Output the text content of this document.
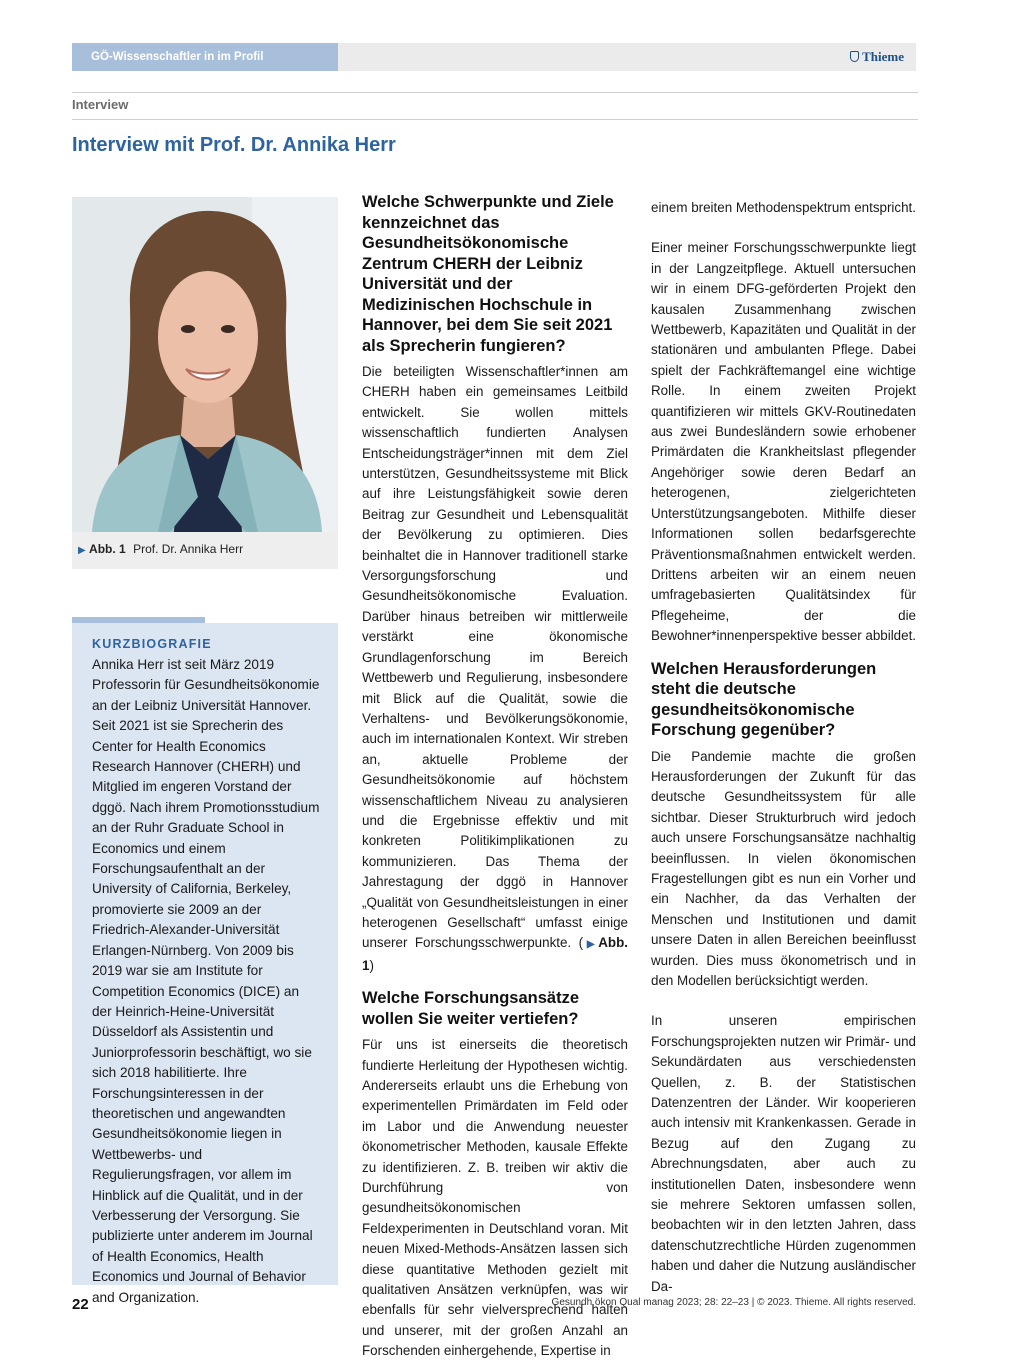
GÖ-Wissenschaftler in im Profil	Thieme
Interview
Interview mit Prof. Dr. Annika Herr
▶ Abb. 1 Prof. Dr. Annika Herr
KURZBIOGRAFIE
Annika Herr ist seit März 2019 Professorin für Gesundheitsökonomie an der Leibniz Universität Hannover. Seit 2021 ist sie Sprecherin des Center for Health Economics Research Hannover (CHERH) und Mitglied im engeren Vorstand der dggö. Nach ihrem Promotionsstudium an der Ruhr Graduate School in Economics und einem Forschungsaufenthalt an der University of California, Berkeley, promovierte sie 2009 an der Friedrich-Alexander-Universität Erlangen-Nürnberg. Von 2009 bis 2019 war sie am Institute for Competition Economics (DICE) an der Heinrich-Heine-Universität Düsseldorf als Assistentin und Juniorprofessorin beschäftigt, wo sie sich 2018 habilitierte. Ihre Forschungsinteressen in der theoretischen und angewandten Gesundheitsökonomie liegen in Wettbewerbs- und Regulierungsfragen, vor allem im Hinblick auf die Qualität, und in der Verbesserung der Versorgung. Sie publizierte unter anderem im Journal of Health Economics, Health Economics und Journal of Behavior and Organization.
Welche Schwerpunkte und Ziele kennzeichnet das Gesundheitsökonomische Zentrum CHERH der Leibniz Universität und der Medizinischen Hochschule in Hannover, bei dem Sie seit 2021 als Sprecherin fungieren?
Die beteiligten Wissenschaftler*innen am CHERH haben ein gemeinsames Leitbild entwickelt. Sie wollen mittels wissenschaftlich fundierten Analysen Entscheidungsträger*innen mit dem Ziel unterstützen, Gesundheitssysteme mit Blick auf ihre Leistungsfähigkeit sowie deren Beitrag zur Gesundheit und Lebensqualität der Bevölkerung zu optimieren. Dies beinhaltet die in Hannover traditionell starke Versorgungsforschung und Gesundheitsökonomische Evaluation. Darüber hinaus betreiben wir mittlerweile verstärkt eine ökonomische Grundlagenforschung im Bereich Wettbewerb und Regulierung, insbesondere mit Blick auf die Qualität, sowie die Verhaltens- und Bevölkerungsökonomie, auch im internationalen Kontext. Wir streben an, aktuelle Probleme der Gesundheitsökonomie auf höchstem wissenschaftlichem Niveau zu analysieren und die Ergebnisse effektiv und mit konkreten Politikimplikationen zu kommunizieren. Das Thema der Jahrestagung der dggö in Hannover „Qualität von Gesundheitsleistungen in einer heterogenen Gesellschaft“ umfasst einige unserer Forschungsschwerpunkte. (▶Abb. 1)
Welche Forschungsansätze wollen Sie weiter vertiefen?
Für uns ist einerseits die theoretisch fundierte Herleitung der Hypothesen wichtig. Andererseits erlaubt uns die Erhebung von experimentellen Primärdaten im Feld oder im Labor und die Anwendung neuester ökonometrischer Methoden, kausale Effekte zu identifizieren. Z. B. treiben wir aktiv die Durchführung von gesundheitsökonomischen Feldexperimenten in Deutschland voran. Mit neuen Mixed-Methods-Ansätzen lassen sich diese quantitative Methoden gezielt mit qualitativen Ansätzen verknüpfen, was wir ebenfalls für sehr vielversprechend halten und unserer, mit der großen Anzahl an Forschenden einhergehende, Expertise in
einem breiten Methodenspektrum entspricht.
Einer meiner Forschungsschwerpunkte liegt in der Langzeitpflege. Aktuell untersuchen wir in einem DFG-geförderten Projekt den kausalen Zusammenhang zwischen Wettbewerb, Kapazitäten und Qualität in der stationären und ambulanten Pflege. Dabei spielt der Fachkräftemangel eine wichtige Rolle. In einem zweiten Projekt quantifizieren wir mittels GKV-Routinedaten aus zwei Bundesländern sowie erhobener Primärdaten die Krankheitslast pflegender Angehöriger sowie deren Bedarf an heterogenen, zielgerichteten Unterstützungsangeboten. Mithilfe dieser Informationen sollen bedarfsgerechte Präventionsmaßnahmen entwickelt werden. Drittens arbeiten wir an einem neuen umfragebasierten Qualitätsindex für Pflegeheime, der die Bewohner*innenperspektive besser abbildet.
Welchen Herausforderungen steht die deutsche gesundheitsökonomische Forschung gegenüber?
Die Pandemie machte die großen Herausforderungen der Zukunft für das deutsche Gesundheitssystem für alle sichtbar. Dieser Strukturbruch wird jedoch auch unsere Forschungsansätze nachhaltig beeinflussen. In vielen ökonomischen Fragestellungen gibt es nun ein Vorher und ein Nachher, da das Verhalten der Menschen und Institutionen und damit unsere Daten in allen Bereichen beeinflusst wurden. Dies muss ökonometrisch und in den Modellen berücksichtigt werden.
In unseren empirischen Forschungsprojekten nutzen wir Primär- und Sekundärdaten aus verschiedensten Quellen, z. B. der Statistischen Datenzentren der Länder. Wir kooperieren auch intensiv mit Krankenkassen. Gerade in Bezug auf den Zugang zu Abrechnungsdaten, aber auch zu institutionellen Daten, insbesondere wenn sie mehrere Sektoren umfassen sollen, beobachten wir in den letzten Jahren, dass datenschutzrechtliche Hürden zugenommen haben und daher die Nutzung ausländischer Da-
22	Gesundh ökon Qual manag 2023; 28: 22–23 | © 2023. Thieme. All rights reserved.
